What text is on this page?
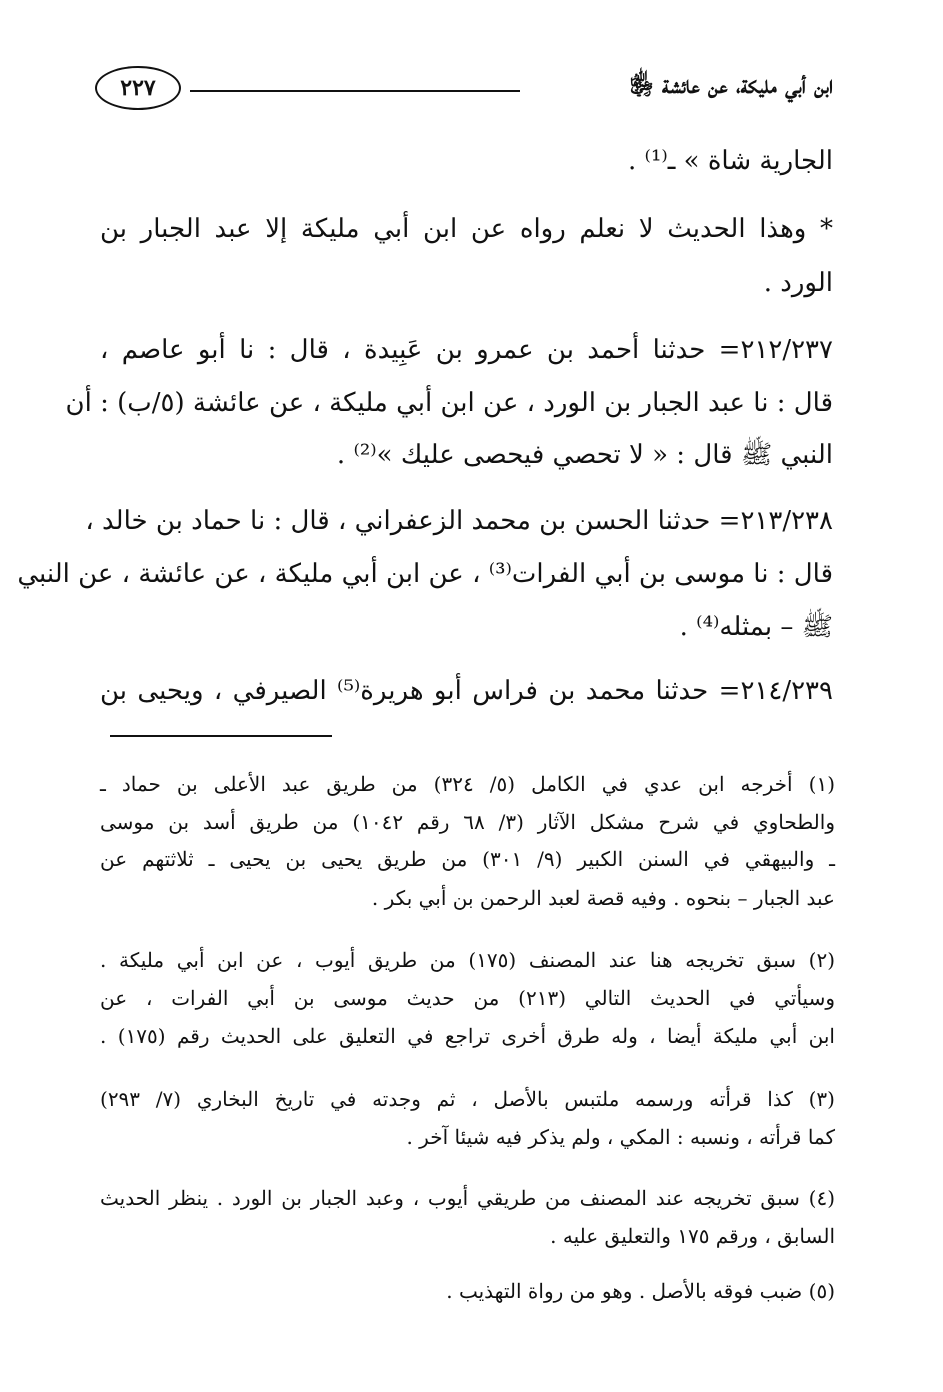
ابن أبي مليكة، عن عائشة ﵂
٢٢٧
الجارية شاة » ـ⁽¹⁾ .
* وهذا الحديث لا نعلم رواه عن ابن أبي مليكة إلا عبد الجبار بن
الورد .
٢١٢/٢٣٧= حدثنا أحمد بن عمرو بن عَبِيدة ، قال : نا أبو عاصم ،
قال : نا عبد الجبار بن الورد ، عن ابن أبي مليكة ، عن عائشة (٥/ب) : أن
النبي ﷺ قال : « لا تحصي فيحصى عليك »⁽²⁾ .
٢١٣/٢٣٨= حدثنا الحسن بن محمد الزعفراني ، قال : نا حماد بن خالد ،
قال : نا موسى بن أبي الفرات⁽³⁾ ، عن ابن أبي مليكة ، عن عائشة ، عن النبي
ﷺ – بمثله⁽⁴⁾ .
٢١٤/٢٣٩= حدثنا محمد بن فراس أبو هريرة⁽⁵⁾ الصيرفي ، ويحيى بن
(١) أخرجه ابن عدي في الكامل (٥/ ٣٢٤) من طريق عبد الأعلى بن حماد ـ
والطحاوي في شرح مشكل الآثار (٣/ ٦٨ رقم ١٠٤٢) من طريق أسد بن موسى
ـ والبيهقي في السنن الكبير (٩/ ٣٠١) من طريق يحيى بن يحيى ـ ثلاثتهم عن
عبد الجبار – بنحوه . وفيه قصة لعبد الرحمن بن أبي بكر .
(٢) سبق تخريجه هنا عند المصنف (١٧٥) من طريق أيوب ، عن ابن أبي مليكة .
وسيأتي في الحديث التالي (٢١٣) من حديث موسى بن أبي الفرات ، عن
ابن أبي مليكة أيضا ، وله طرق أخرى تراجع في التعليق على الحديث رقم (١٧٥) .
(٣) كذا قرأته ورسمه ملتبس بالأصل ، ثم وجدته في تاريخ البخاري (٧/ ٢٩٣)
كما قرأته ، ونسبه : المكي ، ولم يذكر فيه شيئا آخر .
(٤) سبق تخريجه عند المصنف من طريقي أيوب ، وعبد الجبار بن الورد . ينظر الحديث
السابق ، ورقم ١٧٥ والتعليق عليه .
(٥) ضبب فوقه بالأصل . وهو من رواة التهذيب .
